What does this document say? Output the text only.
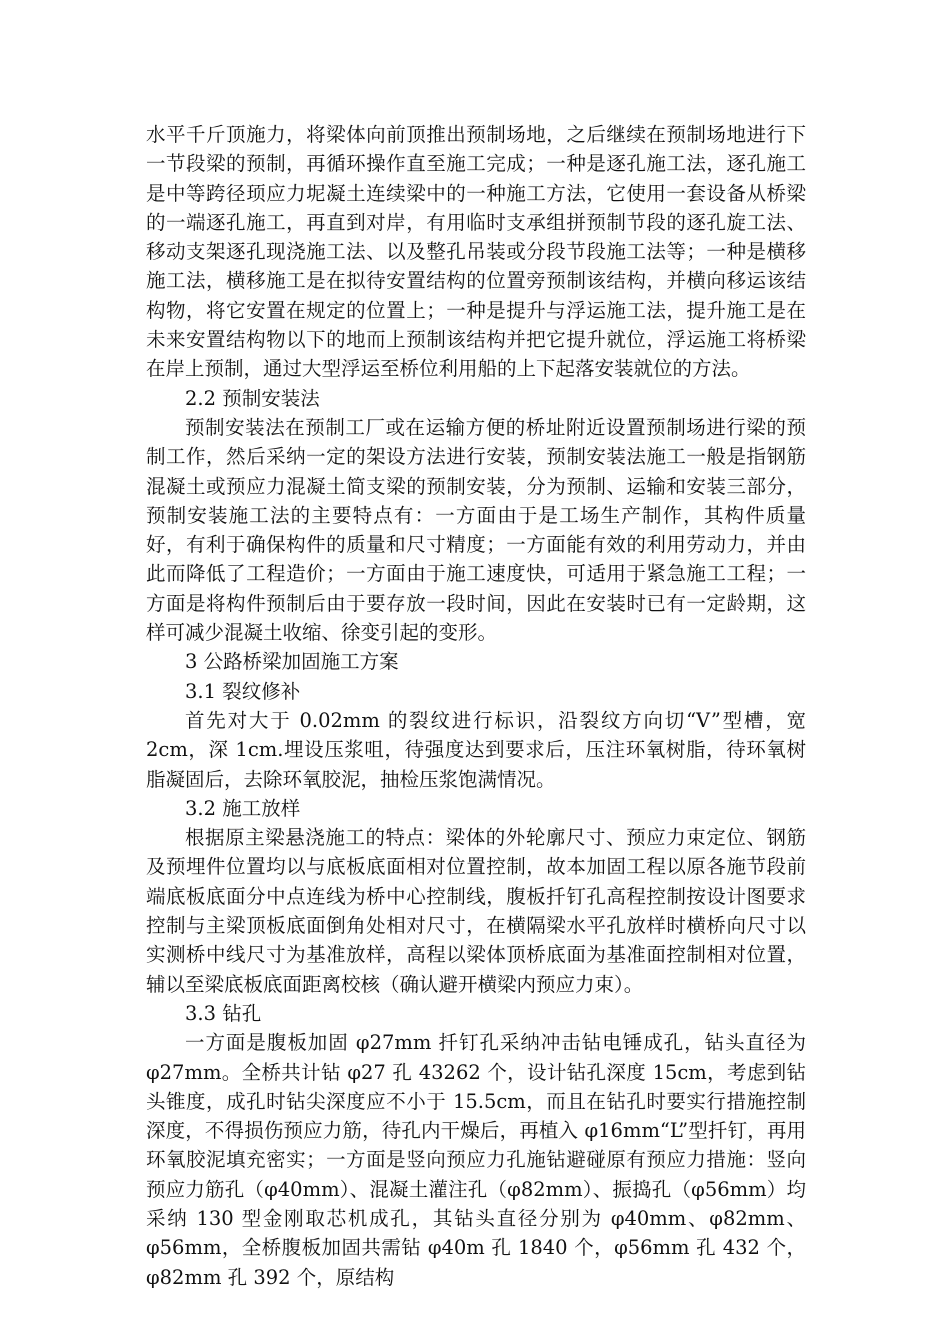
水平千斤顶施力，将梁体向前顶推出预制场地，之后继续在预制场地进行下一节段梁的预制，再循环操作直至施工完成；一种是逐孔施工法，逐孔施工是中等跨径顼应力坭凝土连续梁中的一种施工方法，它使用一套设备从桥梁的一端逐孔施工，再直到对岸，有用临时支承组拼预制节段的逐孔旋工法、移动支架逐孔现浇施工法、以及整孔吊装或分段节段施工法等；一种是横移施工法，横移施工是在拟待安置结构的位置旁预制该结构，并横向移运该结构物，将它安置在规定的位置上；一种是提升与浮运施工法，提升施工是在未来安置结构物以下的地而上预制该结构并把它提升就位，浮运施工将桥梁在岸上预制，通过大型浮运至桥位利用船的上下起落安装就位的方法。

2.2 预制安装法

预制安装法在预制工厂或在运输方便的桥址附近设置预制场进行梁的预制工作，然后采纳一定的架设方法进行安装，预制安装法施工一般是指钢筋混凝土或预应力混凝土简支梁的预制安装，分为预制、运输和安装三部分，预制安装施工法的主要特点有：一方面由于是工场生产制作，其构件质量好，有利于确保构件的质量和尺寸精度；一方面能有效的利用劳动力，并由此而降低了工程造价；一方面由于施工速度快，可适用于紧急施工工程；一方面是将构件预制后由于要存放一段时间，因此在安装时已有一定龄期，这样可减少混凝土收缩、徐变引起的变形。

3 公路桥梁加固施工方案

3.1 裂纹修补

首先对大于 0.02mm 的裂纹进行标识，沿裂纹方向切“V”型槽，宽 2cm，深 1cm.埋设压浆咀，待强度达到要求后，压注环氧树脂，待环氧树脂凝固后，去除环氧胶泥，抽检压浆饱满情况。

3.2 施工放样

根据原主梁悬浇施工的特点：梁体的外轮廓尺寸、预应力束定位、钢筋及预埋件位置均以与底板底面相对位置控制，故本加固工程以原各施节段前端底板底面分中点连线为桥中心控制线，腹板扦钉孔高程控制按设计图要求控制与主梁顶板底面倒角处相对尺寸，在横隔梁水平孔放样时横桥向尺寸以实测桥中线尺寸为基准放样，高程以梁体顶桥底面为基准面控制相对位置，辅以至梁底板底面距离校核（确认避开横梁内预应力束）。

3.3 钻孔

一方面是腹板加固 φ27mm 扦钉孔采纳冲击钻电锤成孔，钻头直径为 φ27mm。全桥共计钻 φ27 孔 43262 个，设计钻孔深度 15cm，考虑到钻头锥度，成孔时钻尖深度应不小于 15.5cm，而且在钻孔时要实行措施控制深度，不得损伤预应力筋，待孔内干燥后，再植入 φ16mm“L”型扦钉，再用环氧胶泥填充密实；一方面是竖向预应力孔施钻避碰原有预应力措施：竖向预应力筋孔（φ40mm）、混凝土灌注孔（φ82mm）、振捣孔（φ56mm）均采纳 130 型金刚取芯机成孔，其钻头直径分别为 φ40mm、φ82mm、φ56mm，全桥腹板加固共需钻 φ40m 孔 1840 个，φ56mm 孔 432 个，φ82mm 孔 392 个，原结构
